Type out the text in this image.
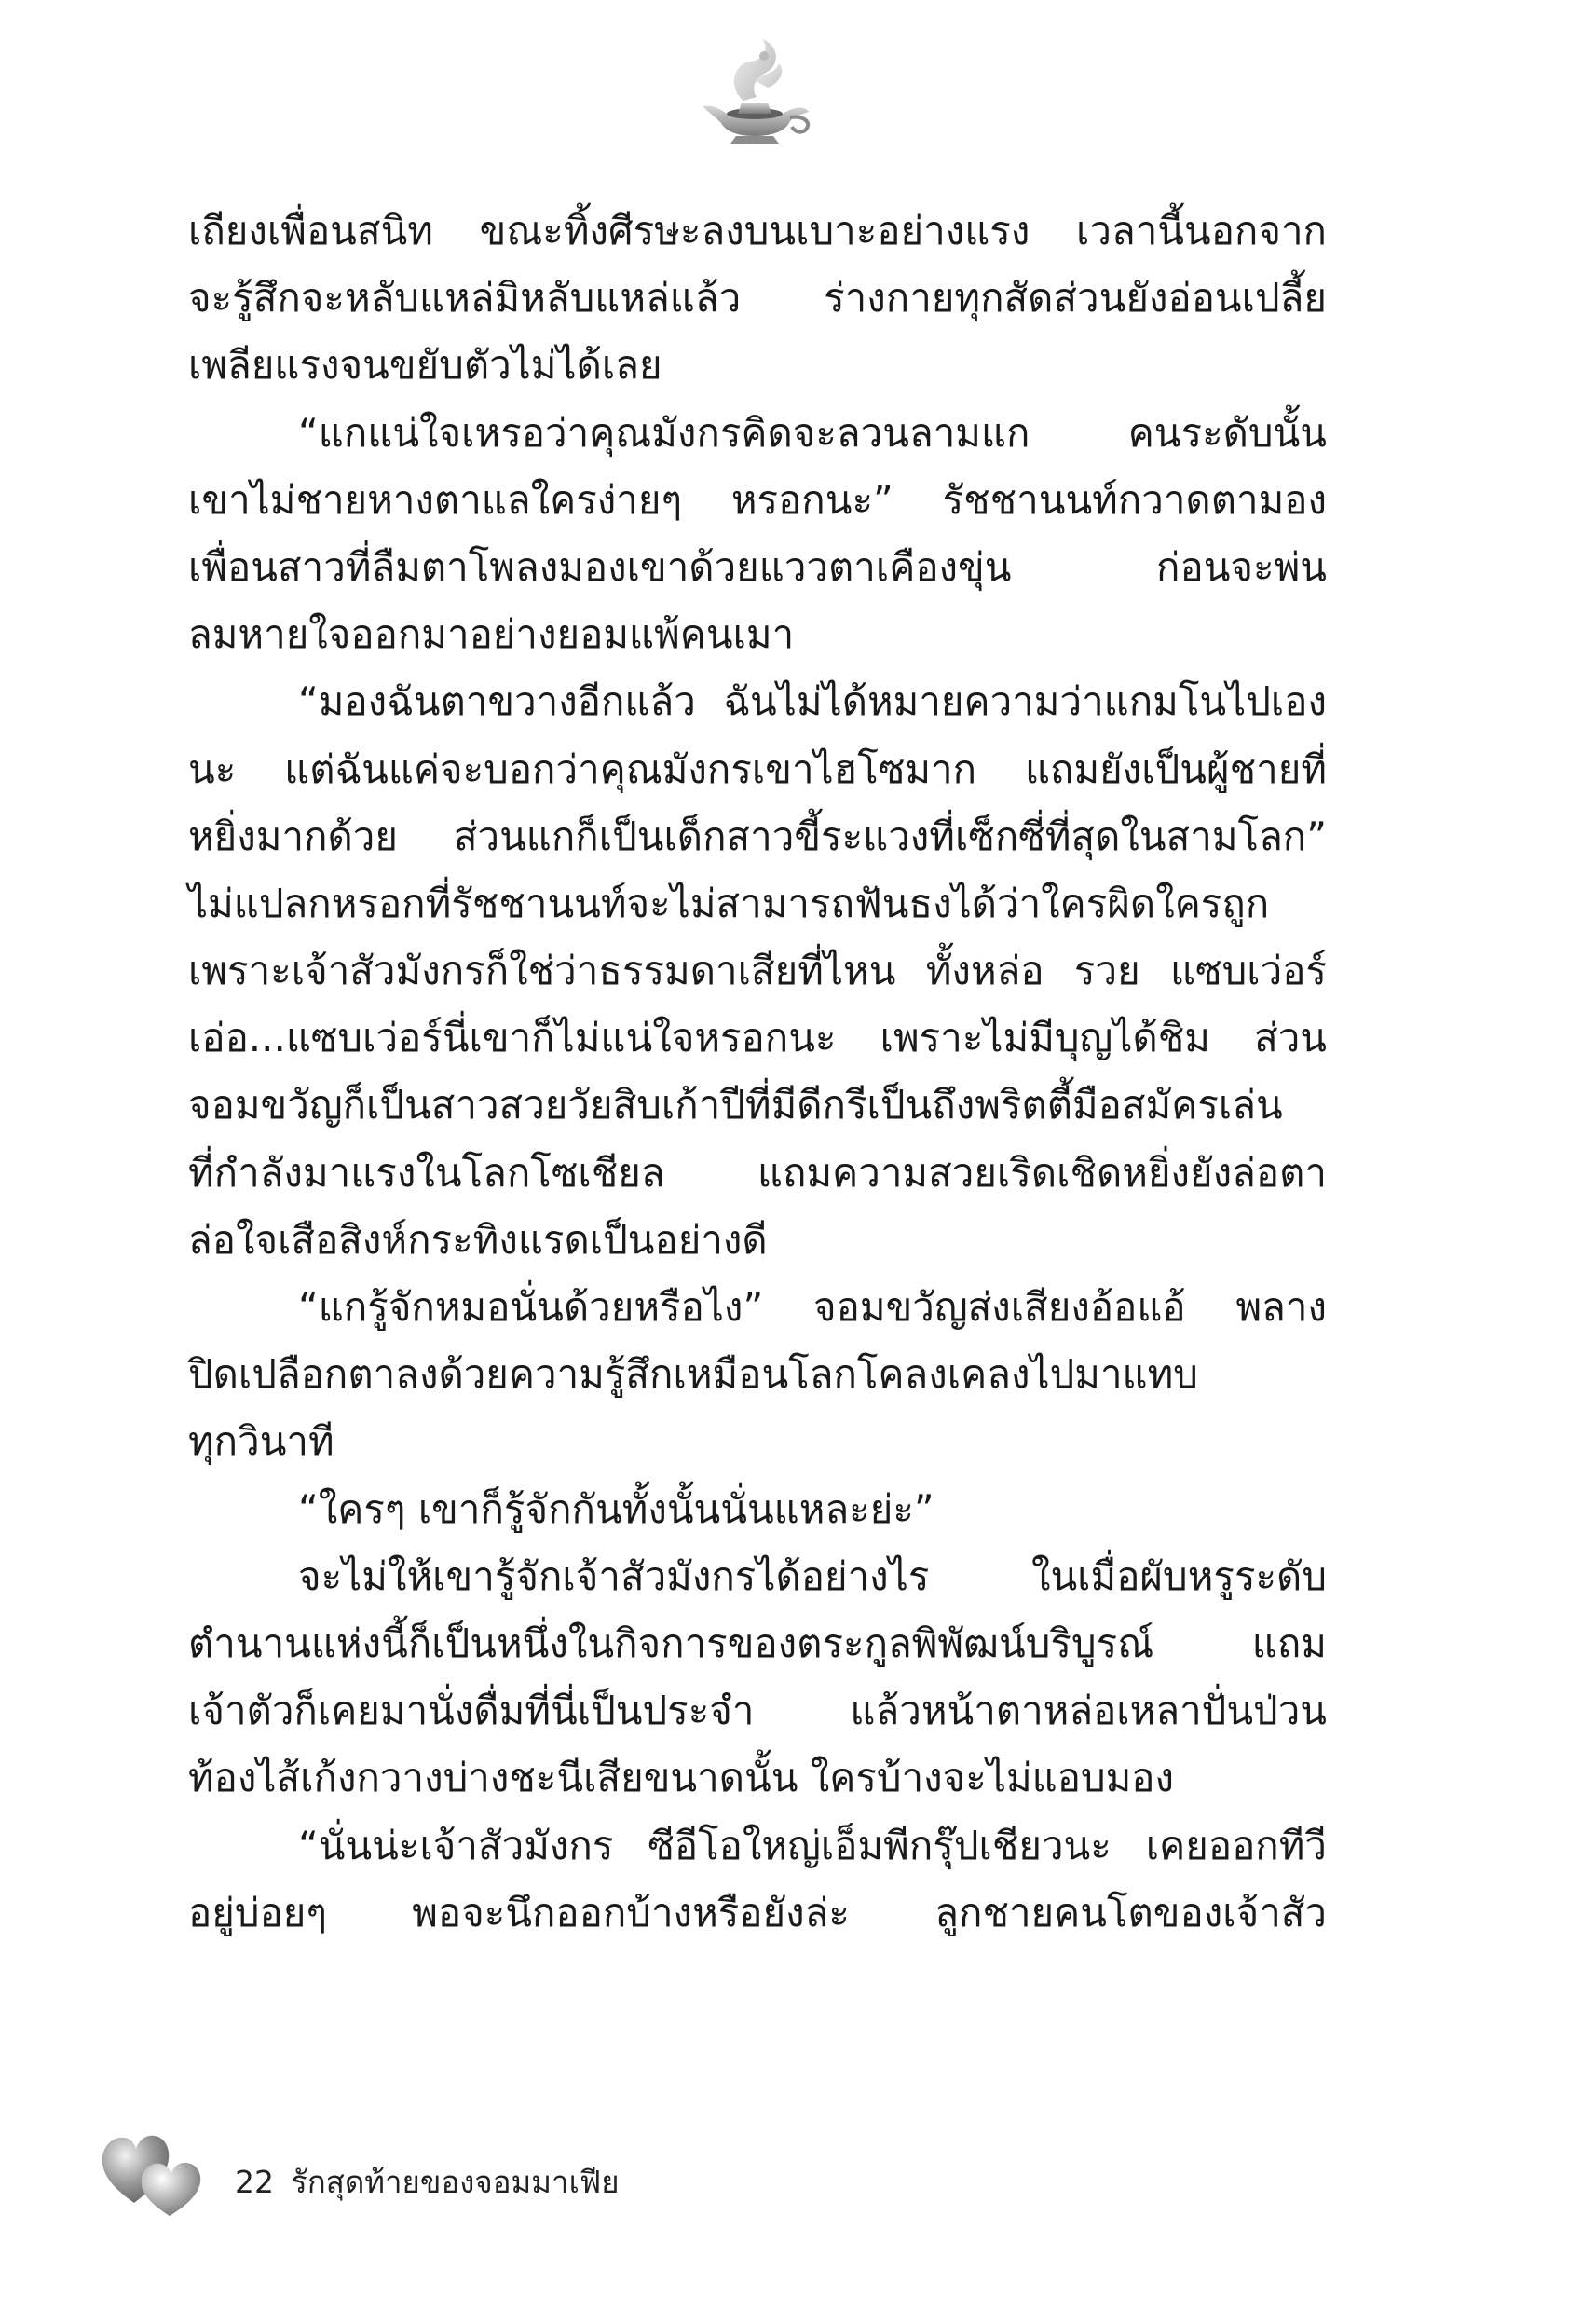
เถียงเพื่อนสนิท ขณะทิ้งศีรษะลงบนเบาะอย่างแรง เวลานี้นอกจาก
จะรู้สึกจะหลับแหล่มิหลับแหล่แล้ว ร่างกายทุกสัดส่วนยังอ่อนเปลี้ย
เพลียแรงจนขยับตัวไม่ได้เลย
“แกแน่ใจเหรอว่าคุณมังกรคิดจะลวนลามแก คนระดับนั้น
เขาไม่ชายหางตาแลใครง่ายๆ หรอกนะ” รัชชานนท์กวาดตามอง
เพื่อนสาวที่ลืมตาโพลงมองเขาด้วยแววตาเคืองขุ่น ก่อนจะพ่น
ลมหายใจออกมาอย่างยอมแพ้คนเมา
“มองฉันตาขวางอีกแล้ว ฉันไม่ได้หมายความว่าแกมโนไปเอง
นะ แต่ฉันแค่จะบอกว่าคุณมังกรเขาไฮโซมาก แถมยังเป็นผู้ชายที่
หยิ่งมากด้วย ส่วนแกก็เป็นเด็กสาวขี้ระแวงที่เซ็กซี่ที่สุดในสามโลก”
ไม่แปลกหรอกที่รัชชานนท์จะไม่สามารถฟันธงได้ว่าใครผิดใครถูก
เพราะเจ้าสัวมังกรก็ใช่ว่าธรรมดาเสียที่ไหน ทั้งหล่อ รวย แซบเว่อร์
เอ่อ...แซบเว่อร์นี่เขาก็ไม่แน่ใจหรอกนะ เพราะไม่มีบุญได้ชิม ส่วน
จอมขวัญก็เป็นสาวสวยวัยสิบเก้าปีที่มีดีกรีเป็นถึงพริตตี้มือสมัครเล่น
ที่กำลังมาแรงในโลกโซเชียล แถมความสวยเริดเชิดหยิ่งยังล่อตา
ล่อใจเสือสิงห์กระทิงแรดเป็นอย่างดี
“แกรู้จักหมอนั่นด้วยหรือไง” จอมขวัญส่งเสียงอ้อแอ้ พลาง
ปิดเปลือกตาลงด้วยความรู้สึกเหมือนโลกโคลงเคลงไปมาแทบ
ทุกวินาที
“ใครๆ เขาก็รู้จักกันทั้งนั้นนั่นแหละย่ะ”
จะไม่ให้เขารู้จักเจ้าสัวมังกรได้อย่างไร ในเมื่อผับหรูระดับ
ตำนานแห่งนี้ก็เป็นหนึ่งในกิจการของตระกูลพิพัฒน์บริบูรณ์ แถม
เจ้าตัวก็เคยมานั่งดื่มที่นี่เป็นประจำ แล้วหน้าตาหล่อเหลาปั่นป่วน
ท้องไส้เก้งกวางบ่างชะนีเสียขนาดนั้น ใครบ้างจะไม่แอบมอง
“นั่นน่ะเจ้าสัวมังกร ซีอีโอใหญ่เอ็มพีกรุ๊ปเชียวนะ เคยออกทีวี
อยู่บ่อยๆ พอจะนึกออกบ้างหรือยังล่ะ ลูกชายคนโตของเจ้าสัว
22 รักสุดท้ายของจอมมาเฟีย
